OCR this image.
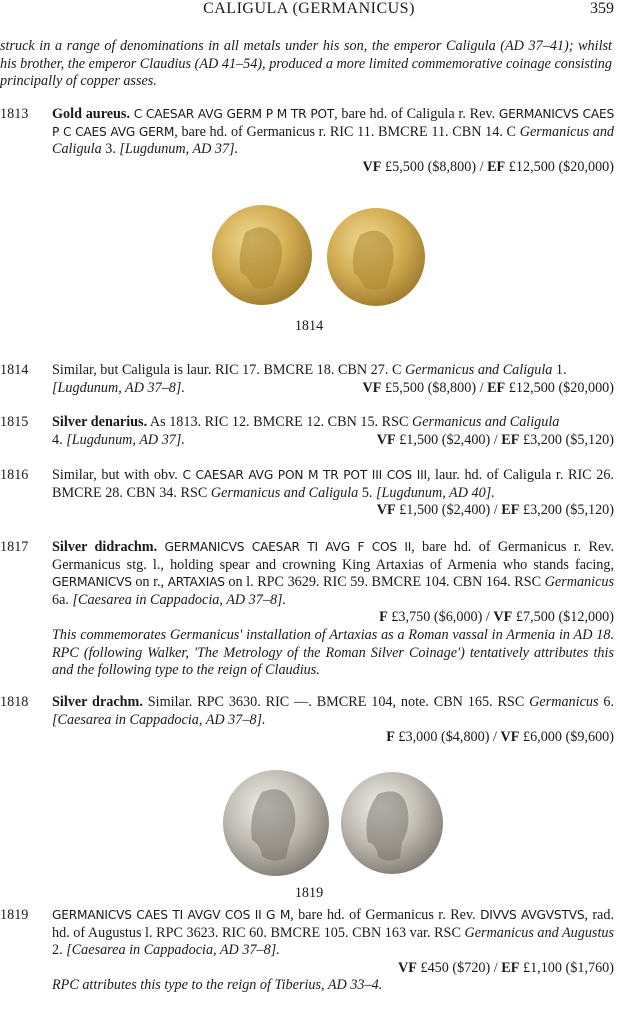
CALIGULA (GERMANICUS)	359
struck in a range of denominations in all metals under his son, the emperor Caligula (AD 37–41); whilst his brother, the emperor Claudius (AD 41–54), produced a more limited commemorative coinage consisting principally of copper asses.
1813	Gold aureus. C CAESAR AVG GERM P M TR POT, bare hd. of Caligula r. Rev. GERMANICVS CAES P C CAES AVG GERM, bare hd. of Germanicus r. RIC 11. BMCRE 11. CBN 14. C Germanicus and Caligula 3. [Lugdunum, AD 37].
VF £5,500 ($8,800) / EF £12,500 ($20,000)
1814
1814	Similar, but Caligula is laur. RIC 17. BMCRE 18. CBN 27. C Germanicus and Caligula 1.
[Lugdunum, AD 37–8].	VF £5,500 ($8,800) / EF £12,500 ($20,000)
1815	Silver denarius. As 1813. RIC 12. BMCRE 12. CBN 15. RSC Germanicus and Caligula
4. [Lugdunum, AD 37].	VF £1,500 ($2,400) / EF £3,200 ($5,120)
1816	Similar, but with obv. C CAESAR AVG PON M TR POT III COS III, laur. hd. of Caligula r. RIC 26. BMCRE 28. CBN 34. RSC Germanicus and Caligula 5. [Lugdunum, AD 40].
VF £1,500 ($2,400) / EF £3,200 ($5,120)
1817	Silver didrachm. GERMANICVS CAESAR TI AVG F COS II, bare hd. of Germanicus r. Rev. Germanicus stg. l., holding spear and crowning King Artaxias of Armenia who stands facing, GERMANICVS on r., ARTAXIAS on l. RPC 3629. RIC 59. BMCRE 104. CBN 164. RSC Germanicus 6a. [Caesarea in Cappadocia, AD 37–8].
F £3,750 ($6,000) / VF £7,500 ($12,000)
This commemorates Germanicus' installation of Artaxias as a Roman vassal in Armenia in AD 18. RPC (following Walker, 'The Metrology of the Roman Silver Coinage') tentatively attributes this and the following type to the reign of Claudius.
1818	Silver drachm. Similar. RPC 3630. RIC —. BMCRE 104, note. CBN 165. RSC Germanicus 6. [Caesarea in Cappadocia, AD 37–8].
F £3,000 ($4,800) / VF £6,000 ($9,600)
1819
1819	GERMANICVS CAES TI AVGV COS II G M, bare hd. of Germanicus r. Rev. DIVVS AVGVSTVS, rad. hd. of Augustus l. RPC 3623. RIC 60. BMCRE 105. CBN 163 var. RSC Germanicus and Augustus 2. [Caesarea in Cappadocia, AD 37–8].
VF £450 ($720) / EF £1,100 ($1,760)
RPC attributes this type to the reign of Tiberius, AD 33–4.
